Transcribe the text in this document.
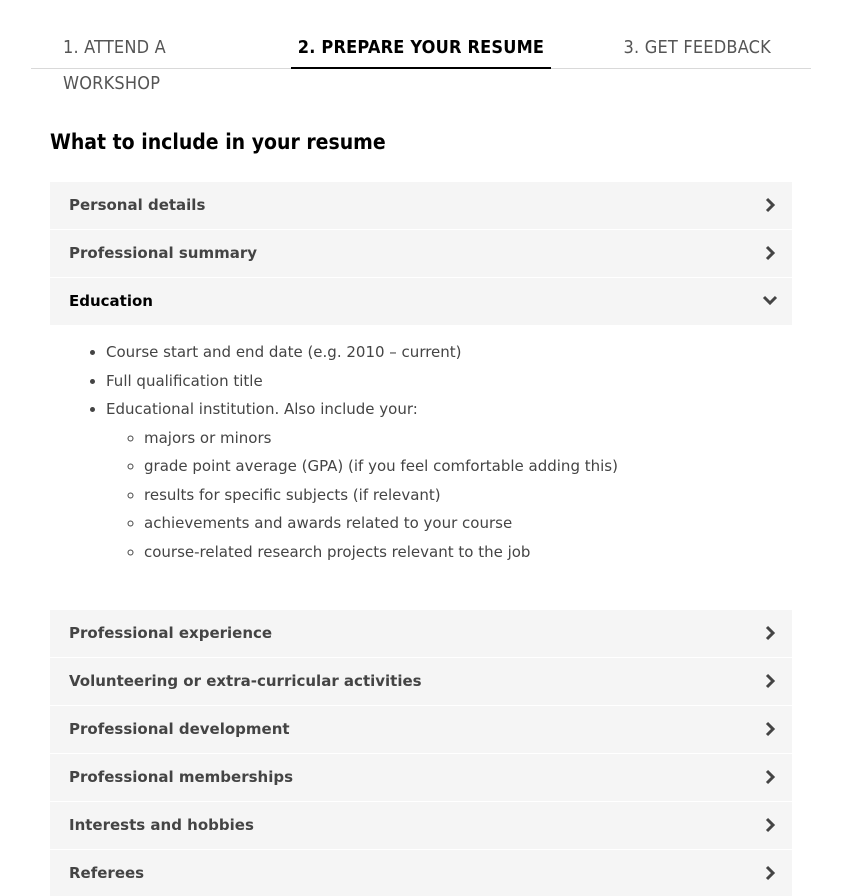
1. ATTEND A WORKSHOP
2. PREPARE YOUR RESUME	3. GET FEEDBACK
What to include in your resume
Personal details
Professional summary
Education
• Course start and end date (e.g. 2010 – current)
• Full qualification title
• Educational institution. Also include your:
◦ majors or minors
◦ grade point average (GPA) (if you feel comfortable adding this)
◦ results for specific subjects (if relevant)
◦ achievements and awards related to your course
◦ course-related research projects relevant to the job
Professional experience
Volunteering or extra-curricular activities
Professional development
Professional memberships
Interests and hobbies
Referees
